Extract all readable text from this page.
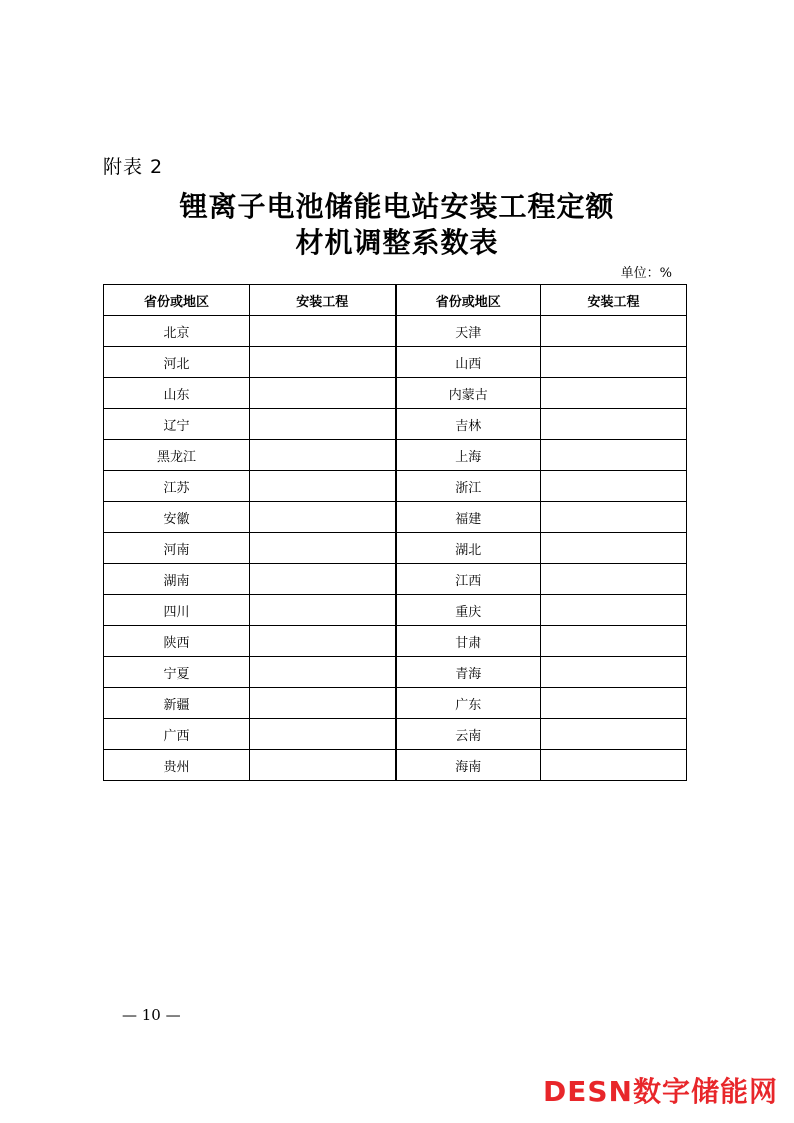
附表 2
锂离子电池储能电站安装工程定额
材机调整系数表
单位：%
省份或地区	安装工程	省份或地区	安装工程
北京		天津	
河北		山西	
山东		内蒙古	
辽宁		吉林	
黑龙江		上海	
江苏		浙江	
安徽		福建	
河南		湖北	
湖南		江西	
四川		重庆	
陕西		甘肃	
宁夏		青海	
新疆		广东	
广西		云南	
贵州		海南	
— 10 —
DESN数字储能网
